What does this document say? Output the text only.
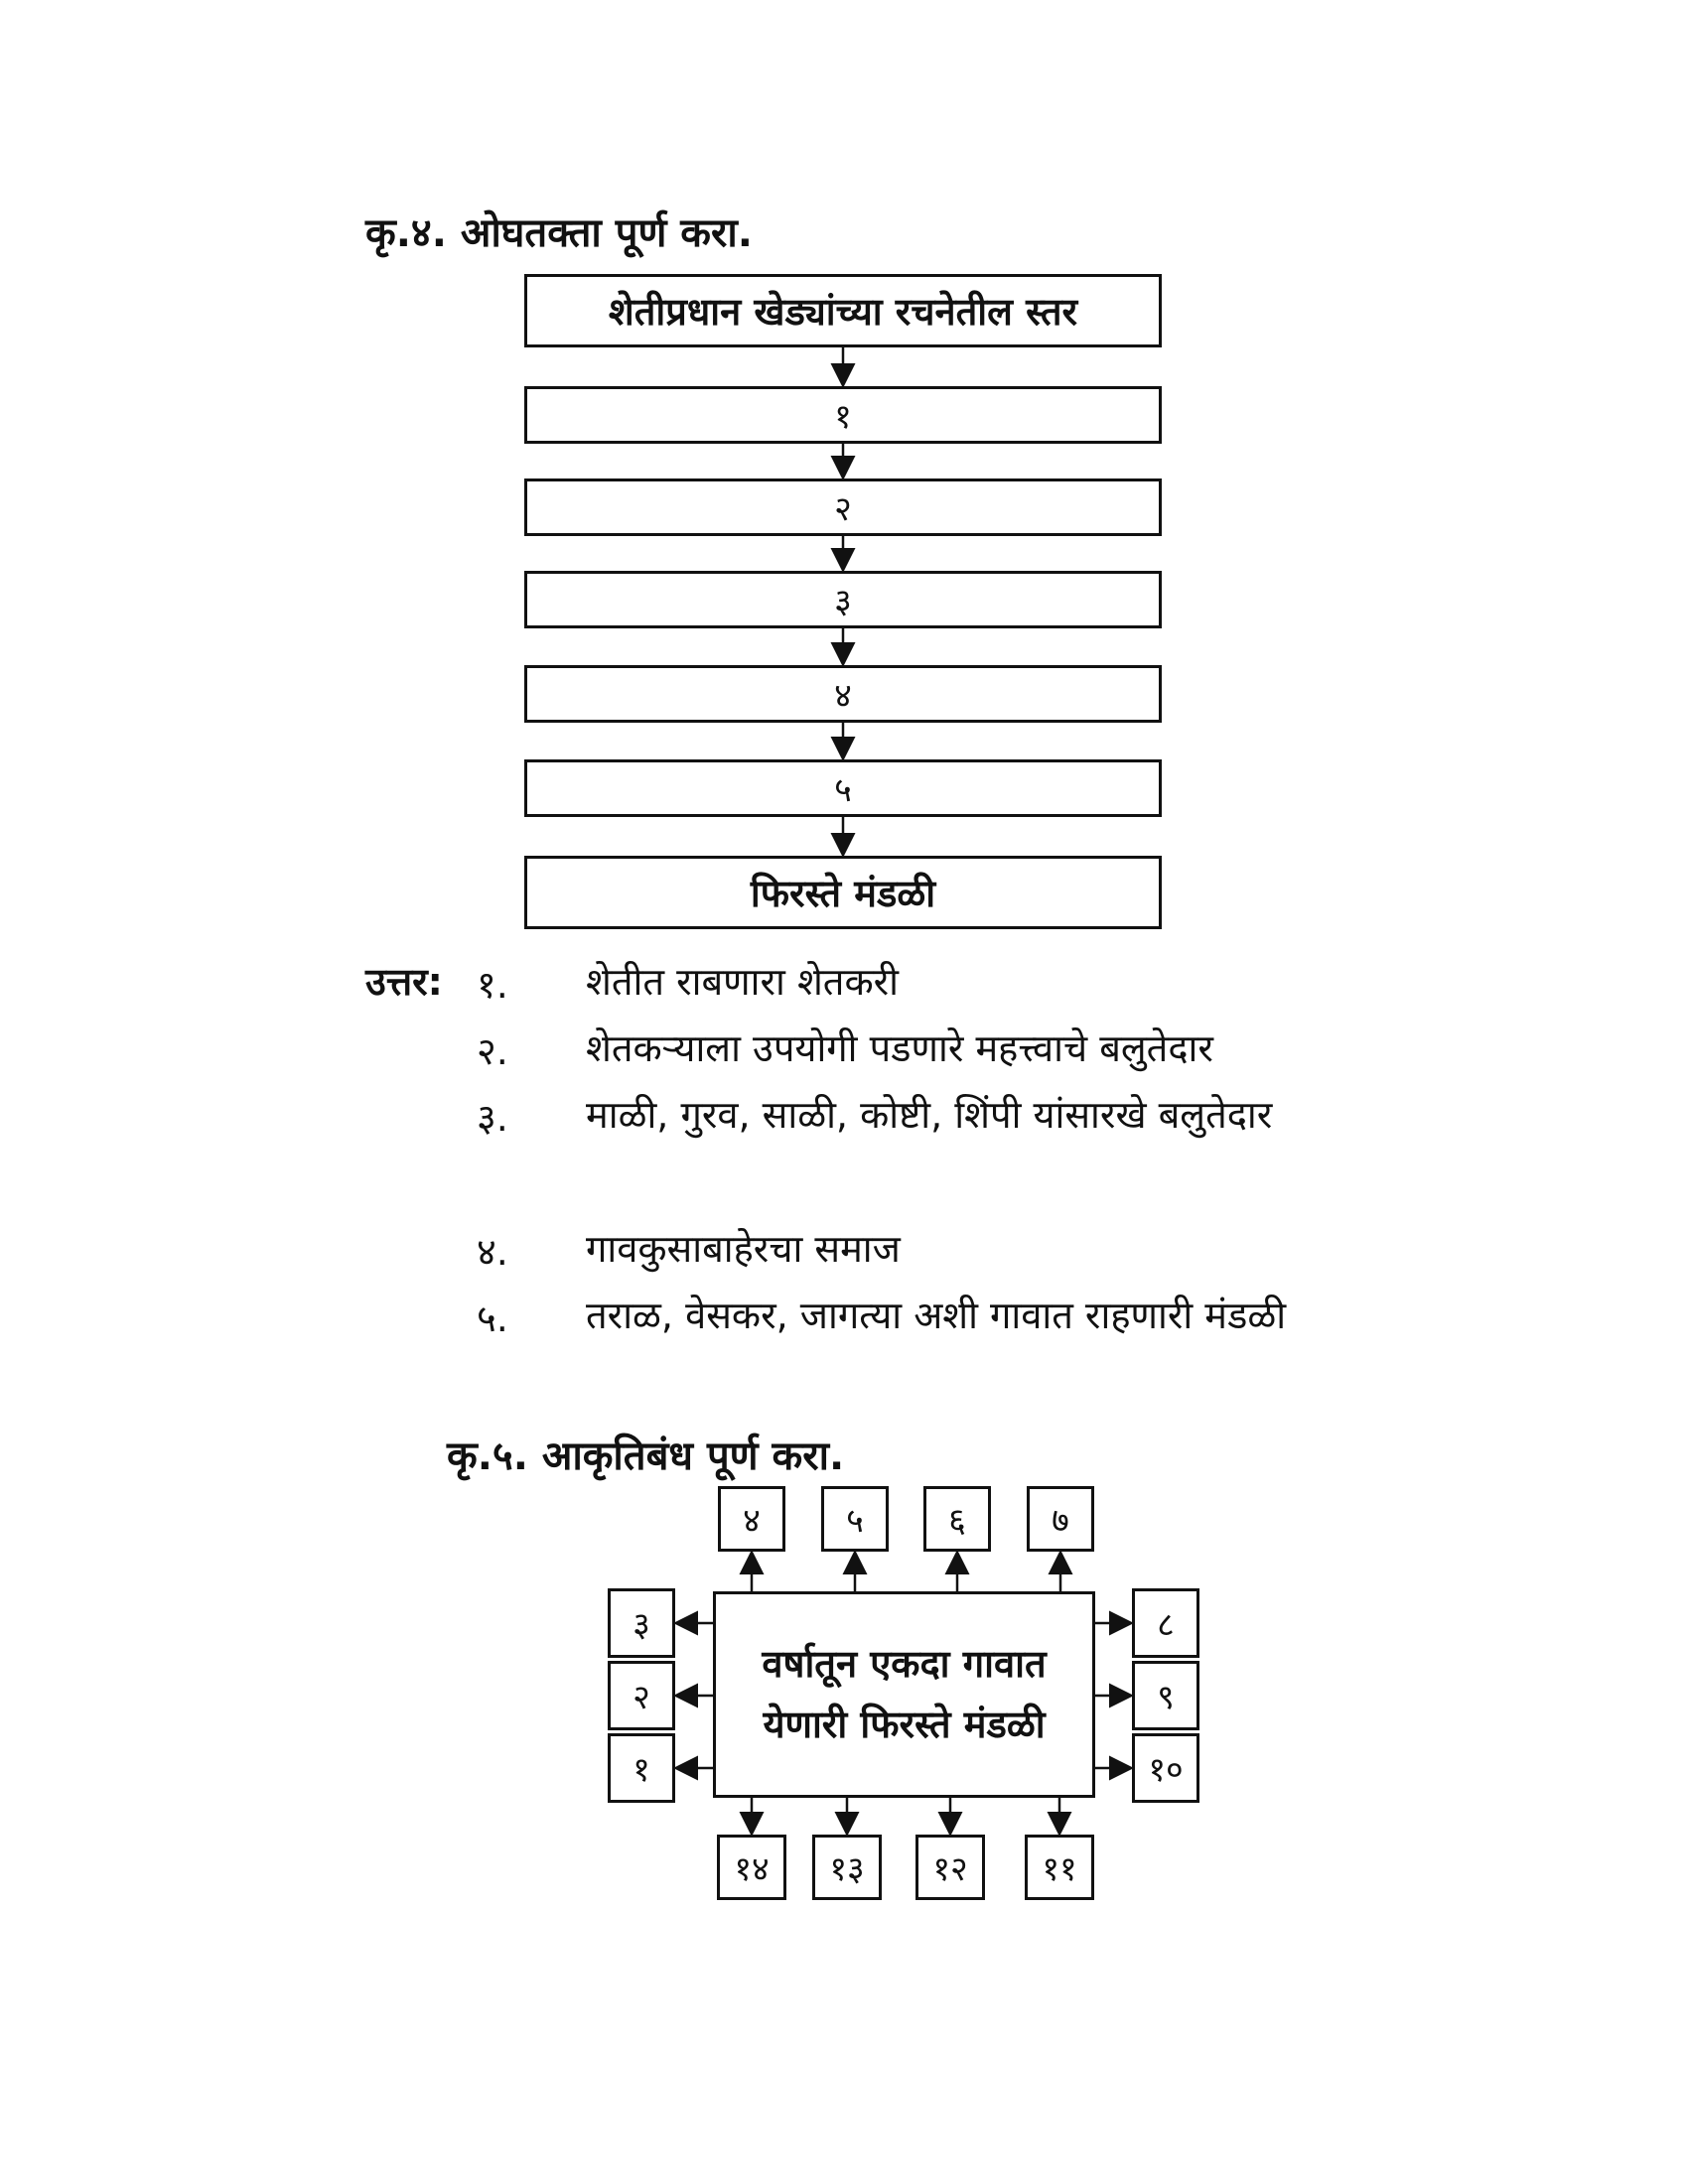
कृ.४. ओघतक्ता पूर्ण करा.
शेतीप्रधान खेड्यांच्या रचनेतील स्तर
१
२
३
४
५
फिरस्ते मंडळी
उत्तर: १. शेतीत राबणारा शेतकरी
२. शेतकऱ्याला उपयोगी पडणारे महत्त्वाचे बलुतेदार
३. माळी, गुरव, साळी, कोष्टी, शिंपी यांसारखे बलुतेदार
४. गावकुसाबाहेरचा समाज
५. तराळ, वेसकर, जागत्या अशी गावात राहणारी मंडळी
कृ.५. आकृतिबंध पूर्ण करा.
वर्षातून एकदा गावात
येणारी फिरस्ते मंडळी
४	५	६	७
३
२
१
८
९
१०
१४ १३ १२ ११
